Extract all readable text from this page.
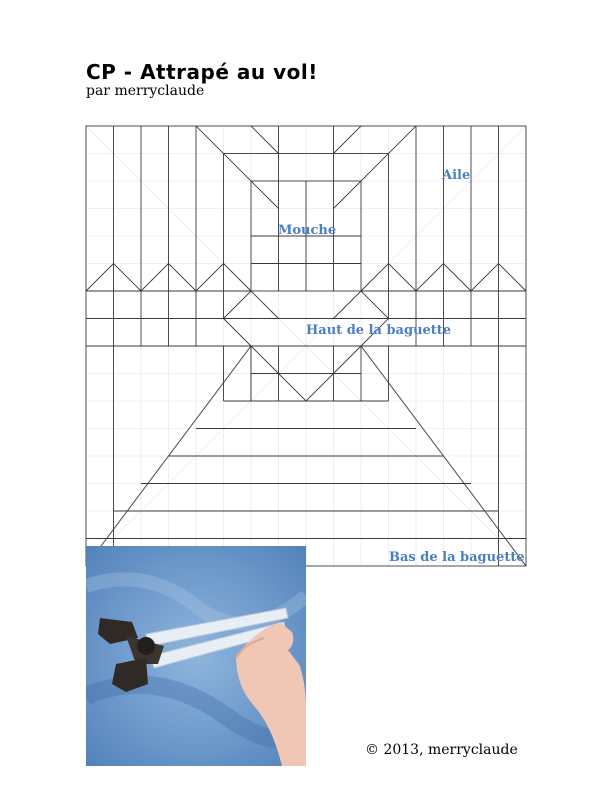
CP - Attrapé au vol!
par merryclaude
Aile
Mouche
Haut de la baguette
Bas de la baguette
© 2013, merryclaude
